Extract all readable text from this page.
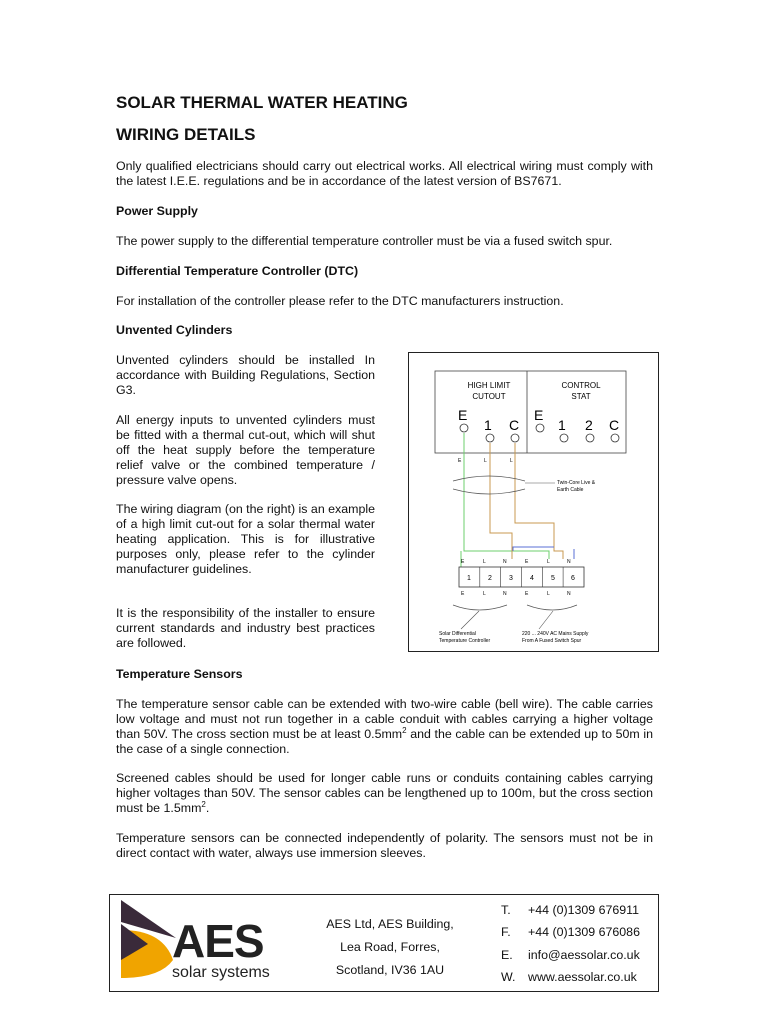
SOLAR THERMAL WATER HEATING
WIRING DETAILS

Only qualified electricians should carry out electrical works. All electrical wiring must comply with the latest I.E.E. regulations and be in accordance of the latest version of BS7671.

Power Supply

The power supply to the differential temperature controller must be via a fused switch spur.

Differential Temperature Controller (DTC)

For installation of the controller please refer to the DTC manufacturers instruction.

Unvented Cylinders

Unvented cylinders should be installed In accordance with Building Regulations, Section G3.

All energy inputs to unvented cylinders must be fitted with a thermal cut-out, which will shut off the heat supply before the temperature relief valve or the combined temperature / pressure valve opens.

The wiring diagram (on the right) is an example of a high limit cut-out for a solar thermal water heating application. This is for illustrative purposes only, please refer to the cylinder manufacturer guidelines.

It is the responsibility of the installer to ensure current standards and industry best practices are followed.

HIGH LIMIT
CUTOUT
CONTROL
STAT
E
1 C
E
1 2 C
E	L	L
Twin-Core Live &
Earth Cable
E	L	N	E	L	N
1 2 3 4 5 6
E	L	N	E	L	N
Solar Differential
Temperature Controller
220 ... 240V AC Mains Supply
From A Fused Switch Spur

Temperature Sensors

The temperature sensor cable can be extended with two-wire cable (bell wire). The cable carries low voltage and must not run together in a cable conduit with cables carrying a higher voltage than 50V. The cross section must be at least $0.5mm^2$ and the cable can be extended up to 50m in the case of a single connection.

Screened cables should be used for longer cable runs or conduits containing cables carrying higher voltages than 50V. The sensor cables can be lengthened up to 100m, but the cross section must be $1.5mm^2$.

Temperature sensors can be connected independently of polarity. The sensors must not be in direct contact with water, always use immersion sleeves.

AES
solar systems
AES Ltd, AES Building,
Lea Road, Forres,
Scotland, IV36 1AU
T. +44 (0)1309 676911
F. +44 (0)1309 676086
E. info@aessolar.co.uk
W. www.aessolar.co.uk
